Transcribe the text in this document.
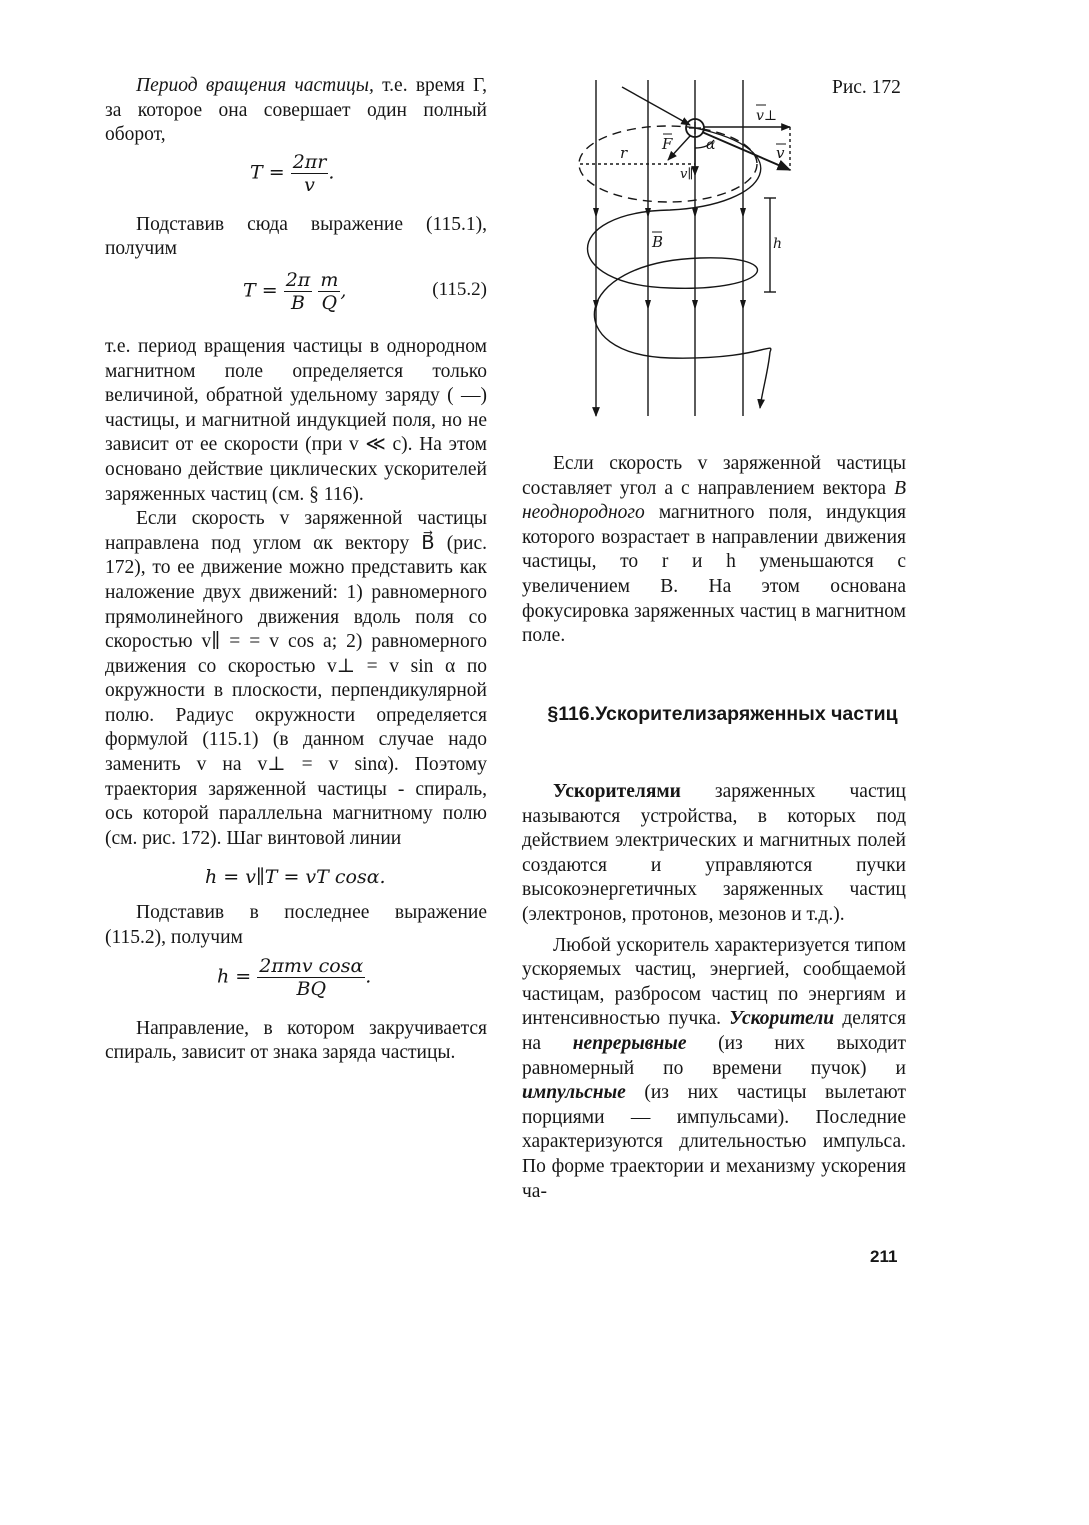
Период вращения частицы, т.е. время Г, за которое она совершает один полный оборот,

$T = \frac{2\pi r}{v}$ .

Подставив сюда выражение (115.1), получим

$T = \frac{2\pi}{B}$
$\frac{m}{Q}$ ,	(115.2)

т.е. период вращения частицы в однородном магнитном поле определяется только величиной, обратной удельному заряду ( —) частицы, и магнитной индукцией поля, но не зависит от ее скорости (при v ≪ c). На этом основано действие циклических ускорителей заряженных частиц (см. § 116).

Если скорость v заряженной частицы направлена под углом αк вектору B⃗ (рис. 172), то ее движение можно представить как наложение двух движений: 1) равномерного прямолинейного движения вдоль поля со скоростью v∥ = = v cos a; 2) равномерного движения со скоростью v⊥ = v sin α по окружности в плоскости, перпендикулярной полю. Радиус окружности определяется формулой (115.1) (в данном случае надо заменить v на v⊥ = v sinα). Поэтому траектория заряженной частицы - спираль, ось которой параллельна магнитному полю (см. рис. 172). Шаг винтовой линии

h = v∥T = vT cosα.

Подставив в последнее выражение (115.2), получим

$h = \frac{\text{2πmv cosα}}{BQ}$ .

Направление, в котором закручивается спираль, зависит от знака заряда частицы.

Рис. 172
v⊥
v
F
r	α
v∥
B	h

Если скорость v заряженной частицы составляет угол а с направлением вектора B неоднородного магнитного поля, индукция которого возрастает в направлении движения частицы, то r и h уменьшаются с увеличением B. На этом основана фокусировка заряженных частиц в магнитном поле.

§116.Ускорителизаряженных частиц

Ускорителями заряженных частиц называются устройства, в которых под действием электрических и магнитных полей создаются и управляются пучки высокоэнергетичных заряженных частиц (электронов, протонов, мезонов и т.д.).

Любой ускоритель характеризуется типом ускоряемых частиц, энергией, сообщаемой частицам, разбросом частиц по энергиям и интенсивностью пучка. Ускорители делятся на непрерывные (из них выходит равномерный по времени пучок) и импульсные (из них частицы вылетают порциями — импульсами). Последние характеризуются длительностью импульса. По форме траектории и механизму ускорения ча-

211
